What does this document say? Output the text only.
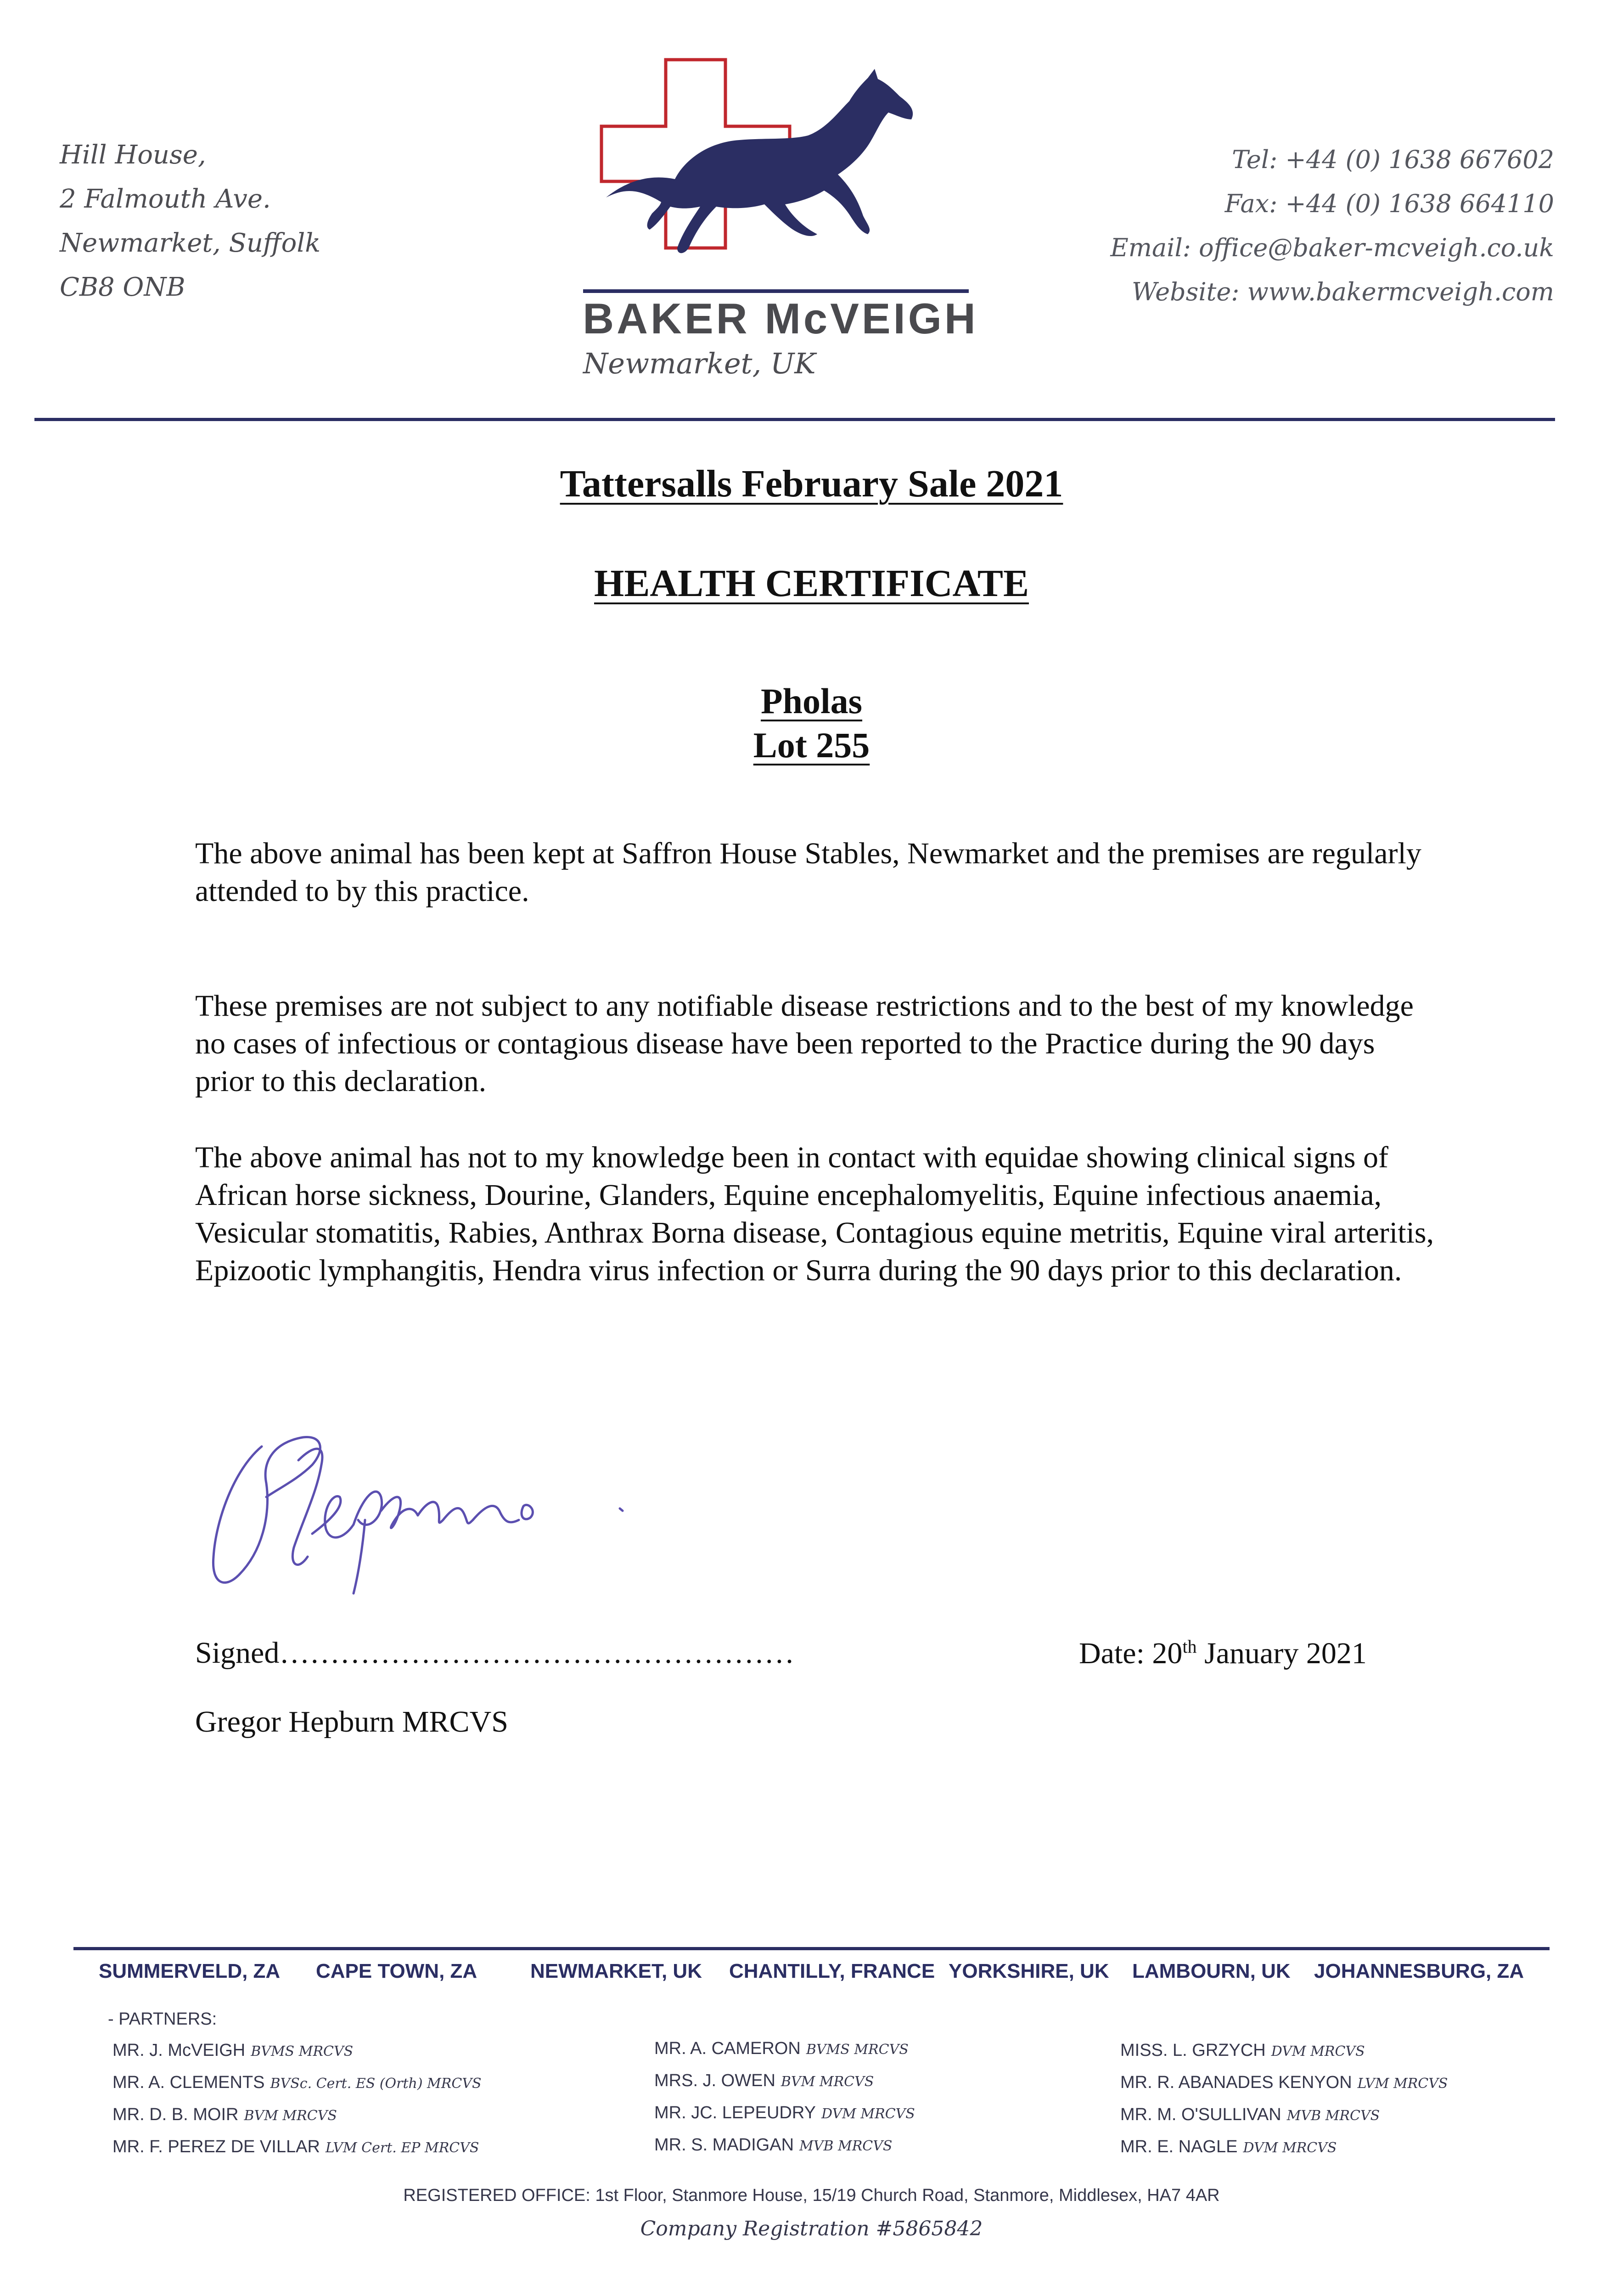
Hill House,
2 Falmouth Ave.
Newmarket, Suffolk
CB8 ONB
BAKER McVEIGH
Newmarket, UK
Tel: +44 (0) 1638 667602
Fax: +44 (0) 1638 664110
Email: office@baker-mcveigh.co.uk
Website: www.bakermcveigh.com
Tattersalls February Sale 2021
HEALTH CERTIFICATE
Pholas
Lot 255
The above animal has been kept at Saffron House Stables, Newmarket and the premises are regularly attended to by this practice.
These premises are not subject to any notifiable disease restrictions and to the best of my knowledge no cases of infectious or contagious disease have been reported to the Practice during the 90 days prior to this declaration.
The above animal has not to my knowledge been in contact with equidae showing clinical signs of African horse sickness, Dourine, Glanders, Equine encephalomyelitis, Equine infectious anaemia, Vesicular stomatitis, Rabies, Anthrax Borna disease, Contagious equine metritis, Equine viral arteritis, Epizootic lymphangitis, Hendra virus infection or Surra during the 90 days prior to this declaration.
Signed……………………………………………	Date: 20th January 2021
Gregor Hepburn MRCVS
SUMMERVELD, ZA CAPE TOWN, ZA	NEWMARKET, UK CHANTILLY, FRANCE YORKSHIRE, UK LAMBOURN, UK JOHANNESBURG, ZA
- PARTNERS:
MR. J. McVEIGH BVMS MRCVS
MR. A. CLEMENTS BVSc. Cert. ES (Orth) MRCVS
MR. D. B. MOIR BVM MRCVS
MR. F. PEREZ DE VILLAR LVM Cert. EP MRCVS
MR. A. CAMERON BVMS MRCVS
MRS. J. OWEN BVM MRCVS
MR. JC. LEPEUDRY DVM MRCVS
MR. S. MADIGAN MVB MRCVS
MISS. L. GRZYCH DVM MRCVS
MR. R. ABANADES KENYON LVM MRCVS
MR. M. O'SULLIVAN MVB MRCVS
MR. E. NAGLE DVM MRCVS
REGISTERED OFFICE: 1st Floor, Stanmore House, 15/19 Church Road, Stanmore, Middlesex, HA7 4AR
Company Registration #5865842
